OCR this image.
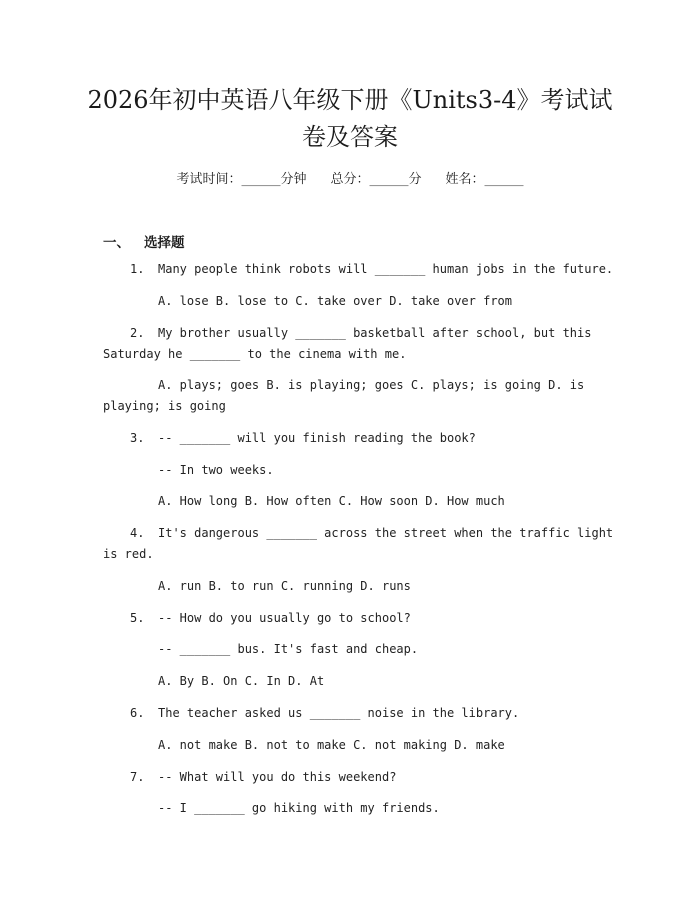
2026年初中英语八年级下册《Units3-4》考试试卷及答案
考试时间：______分钟 总分：______分 姓名：______
一、 选择题
1. Many people think robots will _______ human jobs in the future.
A. lose B. lose to C. take over D. take over from
2. My brother usually _______ basketball after school, but this
Saturday he _______ to the cinema with me.
A. plays; goes B. is playing; goes C. plays; is going D. is
playing; is going
3. -- _______ will you finish reading the book?
-- In two weeks.
A. How long B. How often C. How soon D. How much
4. It's dangerous _______ across the street when the traffic light
is red.
A. run B. to run C. running D. runs
5. -- How do you usually go to school?
-- _______ bus. It's fast and cheap.
A. By B. On C. In D. At
6. The teacher asked us _______ noise in the library.
A. not make B. not to make C. not making D. make
7. -- What will you do this weekend?
-- I _______ go hiking with my friends.
